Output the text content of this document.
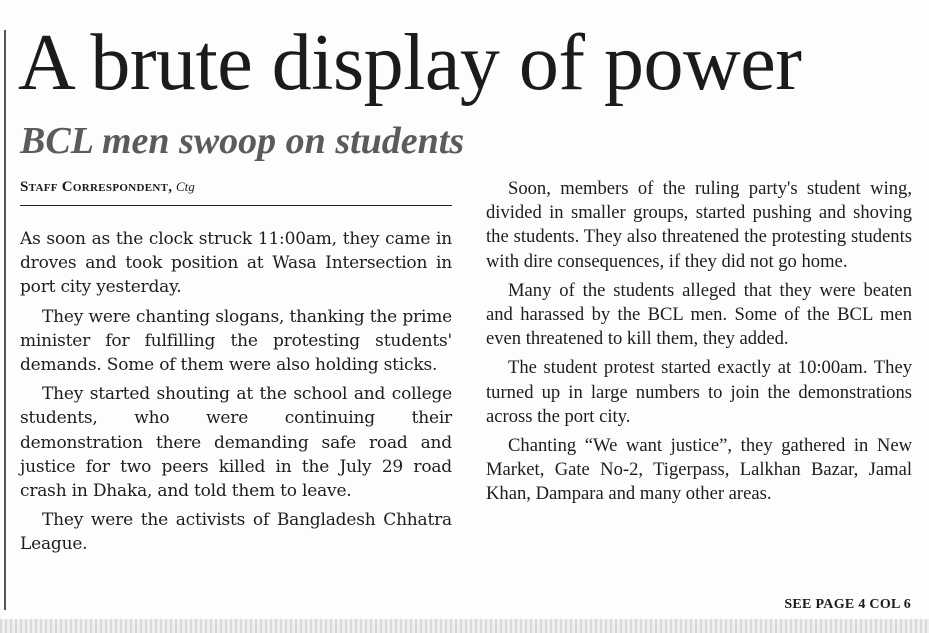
A brute display of power
BCL men swoop on students
Staff Correspondent, Ctg

As soon as the clock struck 11:00am, they came in droves and took position at Wasa Intersection in port city yesterday.

They were chanting slogans, thanking the prime minister for fulfilling the protesting students' demands. Some of them were also holding sticks.

They started shouting at the school and college students, who were continuing their demonstration there demanding safe road and justice for two peers killed in the July 29 road crash in Dhaka, and told them to leave.

They were the activists of Bangladesh Chhatra League.

Soon, members of the ruling party's student wing, divided in smaller groups, started pushing and shoving the students. They also threatened the protesting students with dire consequences, if they did not go home.

Many of the students alleged that they were beaten and harassed by the BCL men. Some of the BCL men even threatened to kill them, they added.

The student protest started exactly at 10:00am. They turned up in large numbers to join the demonstrations across the port city.

Chanting “We want justice”, they gathered in New Market, Gate No-2, Tigerpass, Lalkhan Bazar, Jamal Khan, Dampara and many other areas.

SEE PAGE 4 COL 6
